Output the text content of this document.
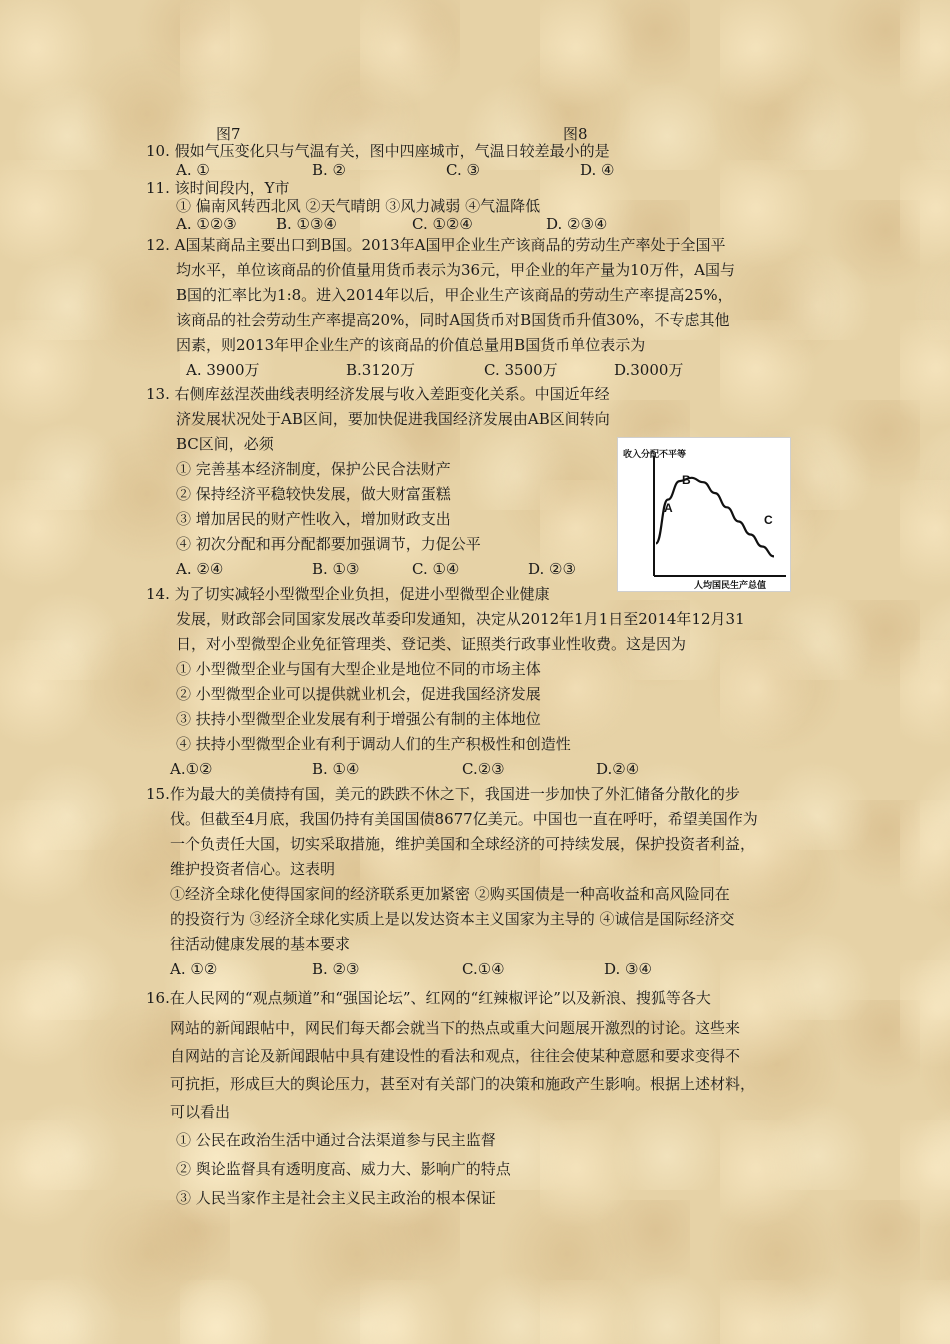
图7	图8
10. 假如气压变化只与气温有关，图中四座城市，气温日较差最小的是
A. ①	B. ②	C. ③	D. ④
11. 该时间段内，Y市
① 偏南风转西北风 ②天气晴朗 ③风力减弱 ④气温降低
A. ①②③	B. ①③④	C. ①②④	D. ②③④
12. A国某商品主要出口到B国。2013年A国甲企业生产该商品的劳动生产率处于全国平
均水平，单位该商品的价值量用货币表示为36元，甲企业的年产量为10万件，A国与
B国的汇率比为1:8。进入2014年以后，甲企业生产该商品的劳动生产率提高25%，
该商品的社会劳动生产率提高20%，同时A国货币对B国货币升值30%，不专虑其他
因素，则2013年甲企业生产的该商品的价值总量用B国货币单位表示为
A. 3900万	B.3120万	C. 3500万	D.3000万
13. 右侧库兹涅茨曲线表明经济发展与收入差距变化关系。中国近年经
济发展状况处于AB区间，要加快促进我国经济发展由AB区间转向
BC区间，必须
① 完善基本经济制度，保护公民合法财产
② 保持经济平稳较快发展，做大财富蛋糕
③ 增加居民的财产性收入，增加财政支出
④ 初次分配和再分配都要加强调节，力促公平
A. ②④	B. ①③	C. ①④	D. ②③
收入分配不平等
人均国民生产总值
A
B
C
14. 为了切实减轻小型微型企业负担，促进小型微型企业健康
发展，财政部会同国家发展改革委印发通知，决定从2012年1月1日至2014年12月31
日，对小型微型企业免征管理类、登记类、证照类行政事业性收费。这是因为
① 小型微型企业与国有大型企业是地位不同的市场主体
② 小型微型企业可以提供就业机会，促进我国经济发展
③ 扶持小型微型企业发展有利于增强公有制的主体地位
④ 扶持小型微型企业有利于调动人们的生产积极性和创造性
A.①②	B. ①④	C.②③	D.②④
15.作为最大的美债持有国，美元的跌跌不休之下，我国进一步加快了外汇储备分散化的步
伐。但截至4月底，我国仍持有美国国债8677亿美元。中国也一直在呼吁，希望美国作为
一个负责任大国，切实采取措施，维护美国和全球经济的可持续发展，保护投资者利益，
维护投资者信心。这表明
①经济全球化使得国家间的经济联系更加紧密 ②购买国债是一种高收益和高风险同在
的投资行为 ③经济全球化实质上是以发达资本主义国家为主导的 ④诚信是国际经济交
往活动健康发展的基本要求
A. ①②	B. ②③	C.①④	D. ③④
16.在人民网的“观点频道”和“强国论坛”、红网的“红辣椒评论”以及新浪、搜狐等各大
网站的新闻跟帖中，网民们每天都会就当下的热点或重大问题展开激烈的讨论。这些来
自网站的言论及新闻跟帖中具有建设性的看法和观点，往往会使某种意愿和要求变得不
可抗拒，形成巨大的舆论压力，甚至对有关部门的决策和施政产生影响。根据上述材料，
可以看出
① 公民在政治生活中通过合法渠道参与民主监督
② 舆论监督具有透明度高、威力大、影响广的特点
③ 人民当家作主是社会主义民主政治的根本保证
